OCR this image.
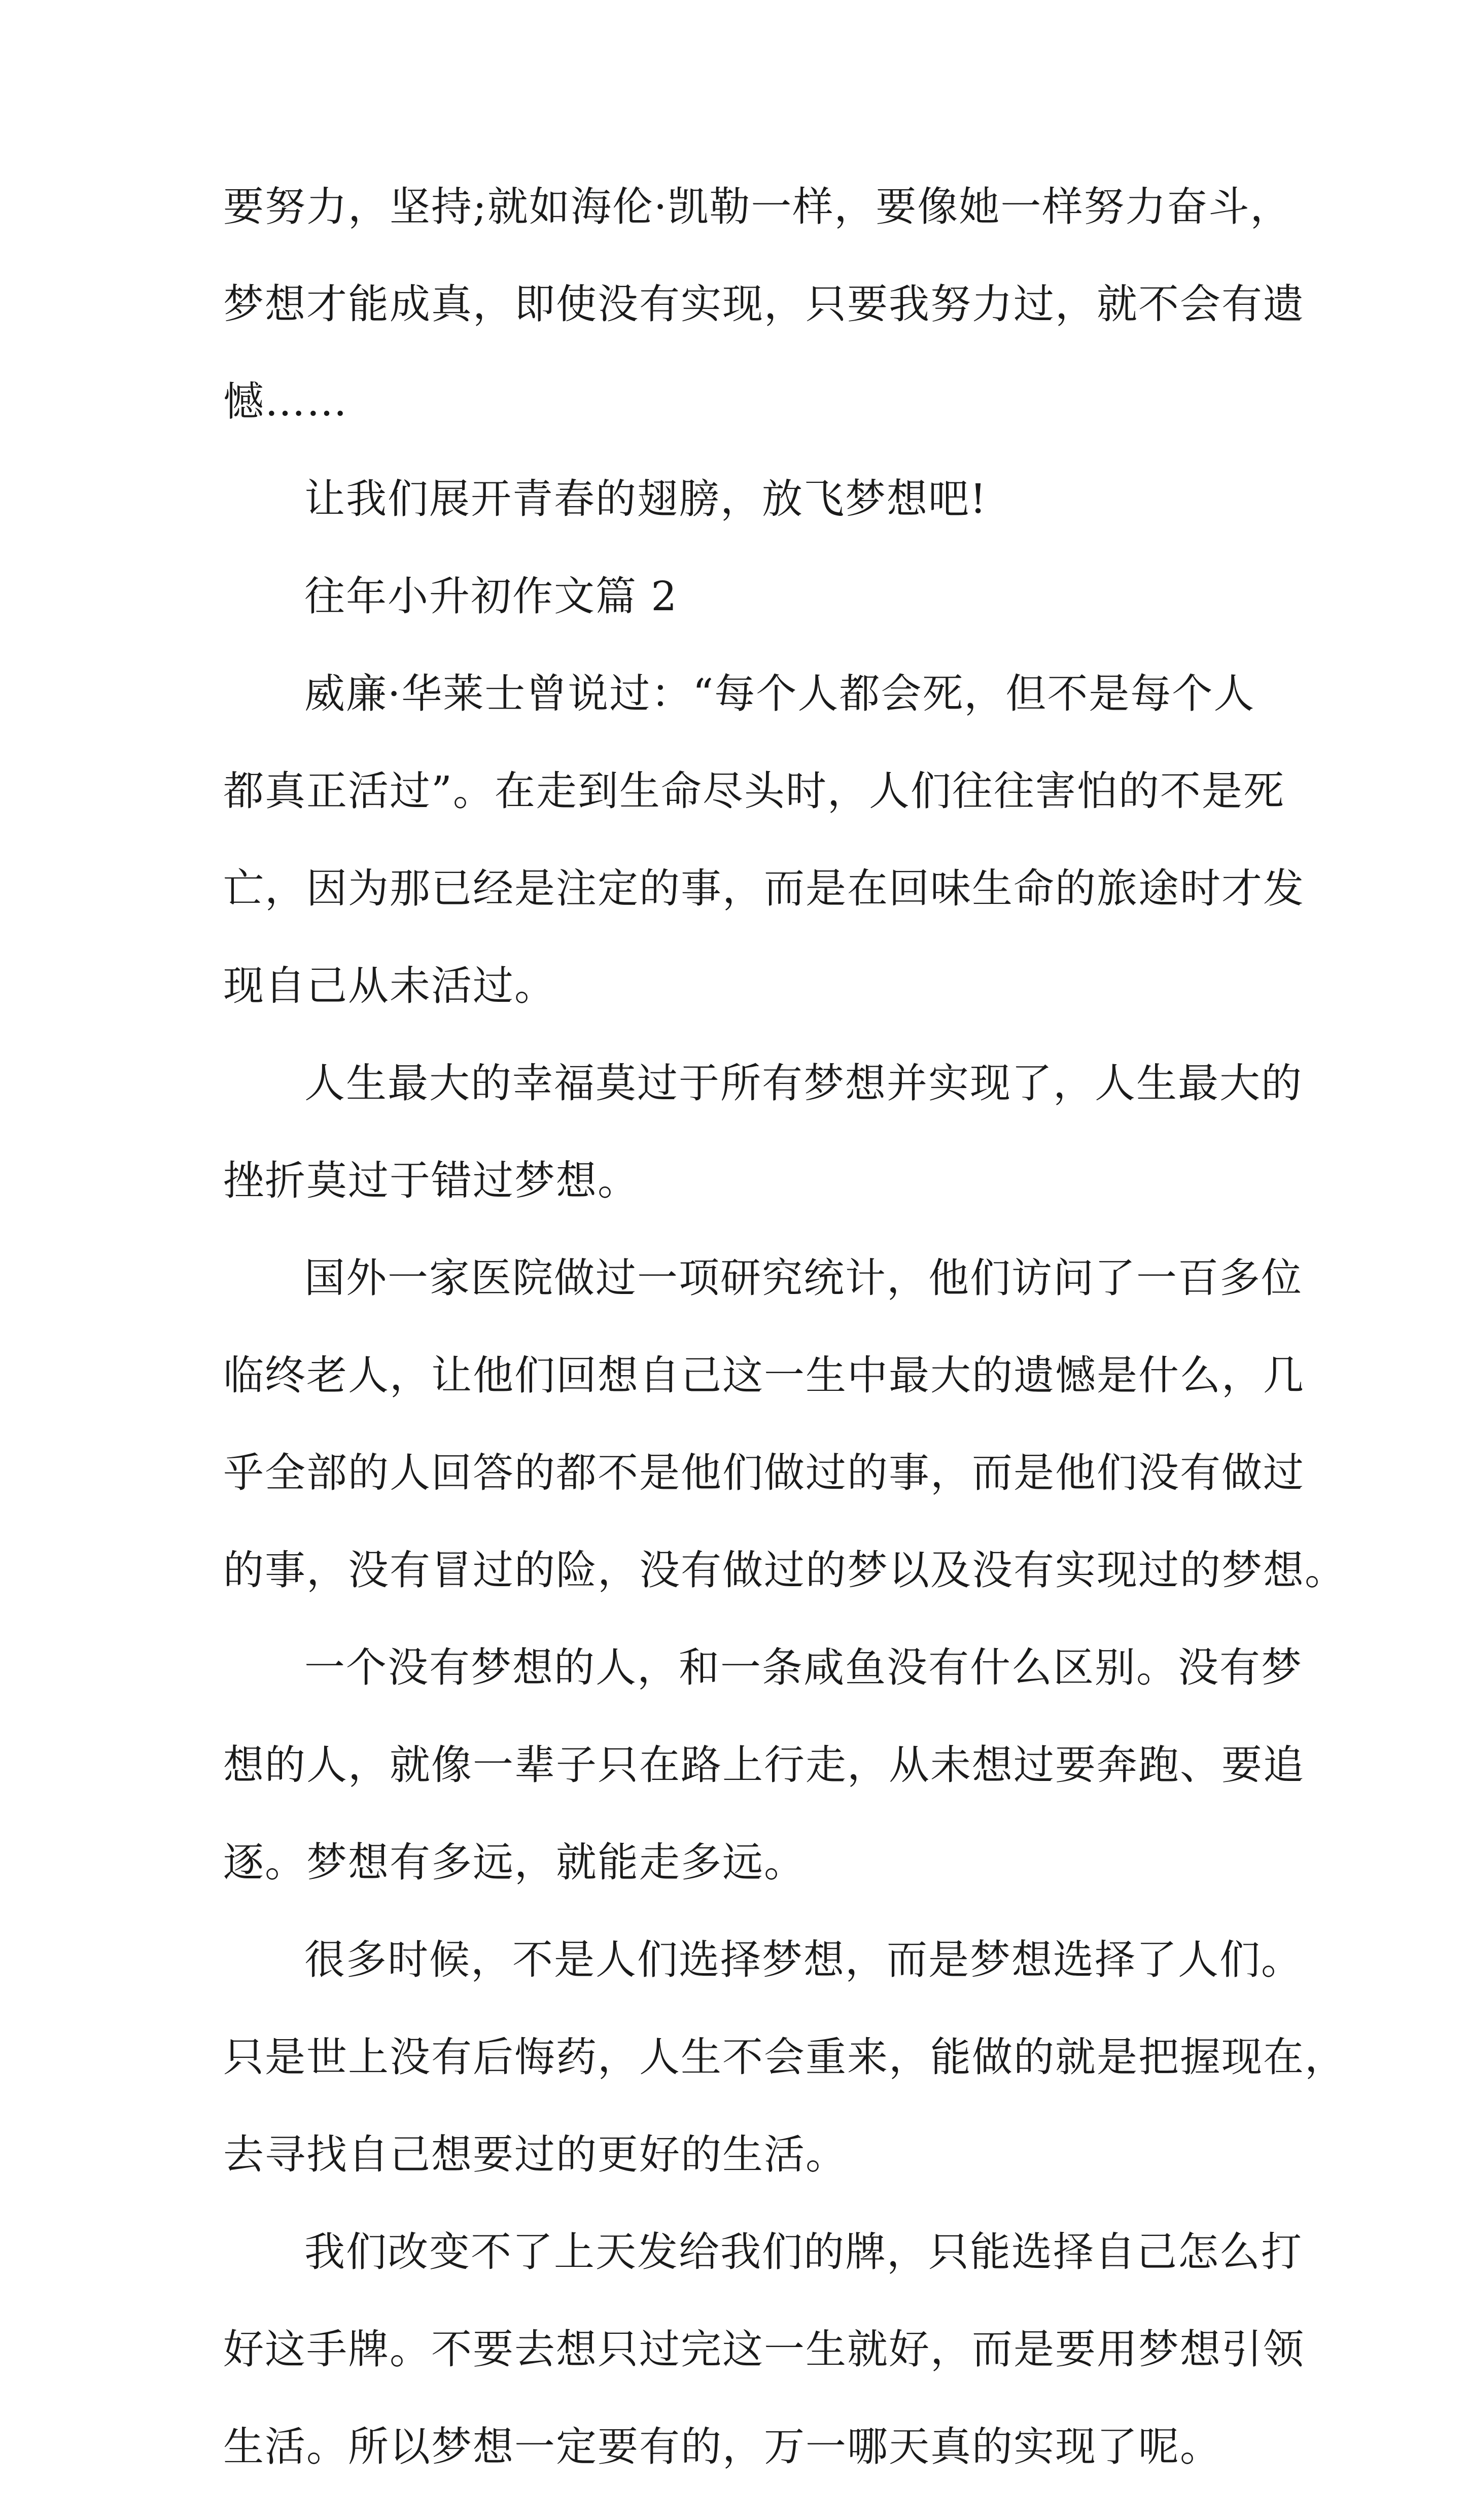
要努力，坚持;就如海伦·凯勒一样，要像她一样努力奋斗，
梦想才能成真，即使没有实现，只要我努力过，就不会有遗
憾……
让我们展开青春的翅膀，放飞梦想吧!
往年小升初作文篇 2
威廉·华莱士曾说过：“每个人都会死，但不是每个人
都真正活过”。在走到生命尽头时，人们往往害怕的不是死
亡，因为那已经是注定的事，而是在回味生命的旅途时才发
现自己从未活过。
人生最大的幸福莫过于所有梦想并实现了，人生最大的
挫折莫过于错过梦想。
国外一家医院做过一项研究统计，他们访问了一百多位
临终老人，让他们回想自己这一生中最大的遗憾是什么，几
乎全部的人回答的都不是他们做过的事，而是他们没有做过
的事，没有冒过的险，没有做过的梦以及没有实现过的梦想。
一个没有梦想的人，和一条咸鱼没有什么区别。没有梦
想的人，就像一辈子只在路上行走，从未想过要奔跑、要追
逐。梦想有多远，就能走多远。
很多时候，不是人们选择梦想，而是梦想选择了人们。
只是世上没有后悔药，人生不会重来，能做的就是把握现在，
去寻找自己想要过的更好的生活。
我们改变不了上天发给我们的牌，只能选择自己怎么打
好这手牌。不要去想只过完这一生就好，而是要用梦想引领
生活。所以梦想一定要有的，万一哪天真的实现了呢。
